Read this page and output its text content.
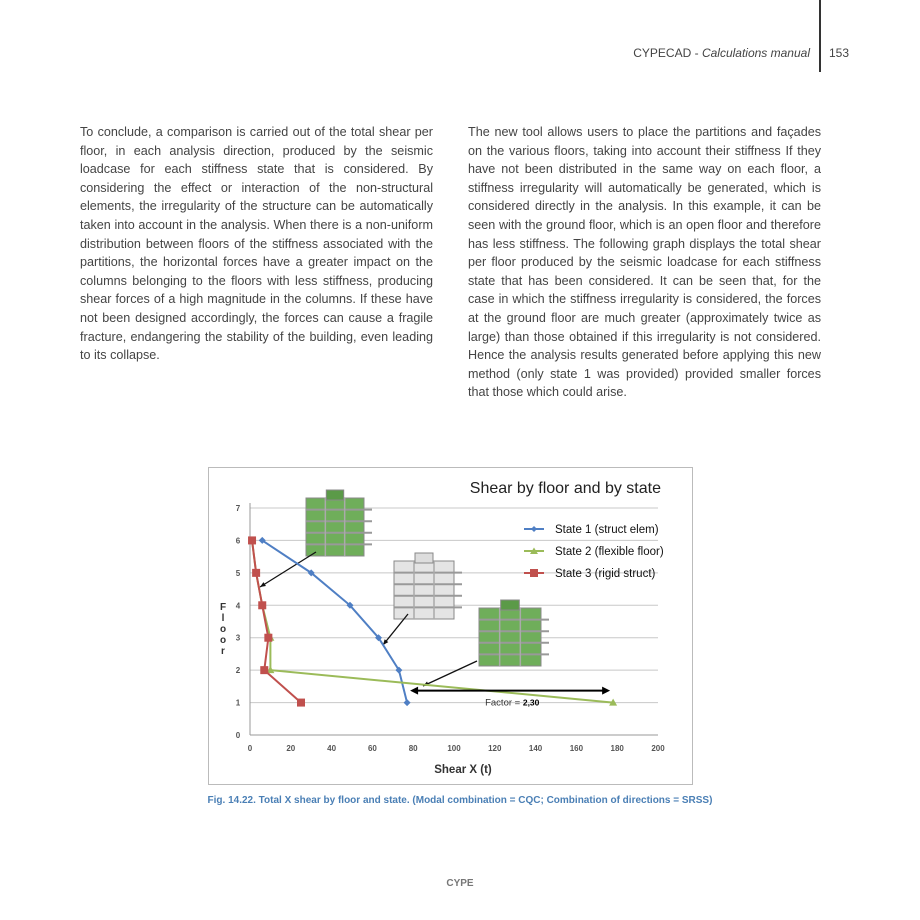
CYPECAD - Calculations manual 153

To conclude, a comparison is carried out of the total shear per floor, in each analysis direction, produced by the seismic loadcase for each stiffness state that is considered. By considering the effect or interaction of the non-structural elements, the irregularity of the structure can be automatically taken into account in the analysis. When there is a non-uniform distribution between floors of the stiffness associated with the partitions, the horizontal forces have a greater impact on the columns belonging to the floors with less stiffness, producing shear forces of a high magnitude in the columns. If these have not been designed accordingly, the forces can cause a fragile fracture, endangering the stability of the building, even leading to its collapse.

The new tool allows users to place the partitions and façades on the various floors, taking into account their stiffness If they have not been distributed in the same way on each floor, a stiffness irregularity will automatically be generated, which is considered directly in the analysis. In this example, it can be seen with the ground floor, which is an open floor and therefore has less stiffness. The following graph displays the total shear per floor produced by the seismic loadcase for each stiffness state that has been considered. It can be seen that, for the case in which the stiffness irregularity is considered, the forces at the ground floor are much greater (approximately twice as large) than those obtained if this irregularity is not considered. Hence the analysis results generated before applying this new method (only state 1 was provided) provided smaller forces that those which could arise.

Shear by floor and by state
0
1
2
3
4
5
6
7
0	20	40	60	80	100	120	140	160	180	200
Factor = 2,30
State 1 (struct elem)
State 2 (flexible floor)
State 3 (rigid struct)
Shear X (t)
F
l
o
o
r
Fig. 14.22. Total X shear by floor and state. (Modal combination = CQC; Combination of directions = SRSS)
CYPE
